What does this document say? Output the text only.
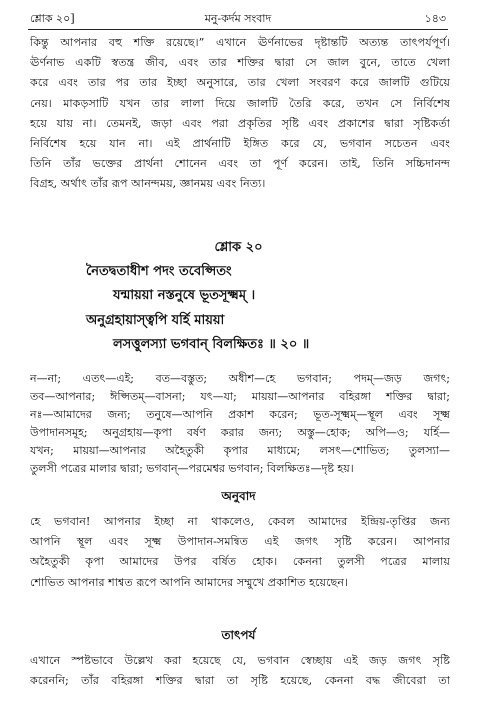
শ্লোক ২০]	মনু-কর্দম সংবাদ	১৪৩
কিন্তু আপনার বহু শক্তি রয়েছে।” এখানে ঊর্ণনাভের দৃষ্টান্তটি অত্যন্ত তাৎপর্যপূর্ণ।
ঊর্ণনাভ একটি স্বতন্ত্র জীব, এবং তার শক্তির দ্বারা সে জাল বুনে, তাতে খেলা
করে এবং তার পর তার ইচ্ছা অনুসারে, তার খেলা সংবরণ করে জালটি গুটিয়ে
নেয়। মাকড়সাটি যখন তার লালা দিয়ে জালটি তৈরি করে, তখন সে নির্বিশেষ
হয়ে যায় না। তেমনই, জড়া এবং পরা প্রকৃতির সৃষ্টি এবং প্রকাশের দ্বারা সৃষ্টিকর্তা
নির্বিশেষ হয়ে যান না। এই প্রার্থনাটি ইঙ্গিত করে যে, ভগবান সচেতন এবং
তিনি তাঁর ভক্তের প্রার্থনা শোনেন এবং তা পূর্ণ করেন। তাই, তিনি সচ্চিদানন্দ
বিগ্রহ, অর্থাৎ তাঁর রূপ আনন্দময়, জ্ঞানময় এবং নিত্য।
শ্লোক ২০
নৈতদ্বতাধীশ পদং তবেপ্সিতং
যন্মায়য়া নস্তনুষে ভূতসূক্ষ্মম্ ।
অনুগ্রহায়াস্ত্বপি যর্হি মায়য়া
লসত্তুলস্যা ভগবান্ বিলক্ষিতঃ ॥ ২০ ॥
ন—না; এতৎ—এই; বত—বস্তুত; অধীশ—হে ভগবান; পদম্—জড় জগৎ;
তব—আপনার; ঈপ্সিতম্—বাসনা; যৎ—যা; মায়য়া—আপনার বহিরঙ্গা শক্তির দ্বারা;
নঃ—আমাদের জন্য; তনুষে—আপনি প্রকাশ করেন; ভূত-সূক্ষ্মম্—স্থূল এবং সূক্ষ্ম
উপাদানসমূহ; অনুগ্রহায়—কৃপা বর্ষণ করার জন্য; অস্তু—হোক; অপি—ও; যর্হি—
যখন; মায়য়া—আপনার অহৈতুকী কৃপার মাধ্যমে; লসৎ—শোভিত; তুলস্যা—
তুলসী পত্রের মালার দ্বারা; ভগবান্—পরমেশ্বর ভগবান; বিলক্ষিতঃ—দৃষ্ট হয়।
অনুবাদ
হে ভগবান! আপনার ইচ্ছা না থাকলেও, কেবল আমাদের ইন্দ্রিয়-তৃপ্তির জন্য
আপনি স্থূল এবং সূক্ষ্ম উপাদান-সমন্বিত এই জগৎ সৃষ্টি করেন। আপনার
অহৈতুকী কৃপা আমাদের উপর বর্ষিত হোক। কেননা তুলসী পত্রের মালায়
শোভিত আপনার শাশ্বত রূপে আপনি আমাদের সম্মুখে প্রকাশিত হয়েছেন।
তাৎপর্য
এখানে স্পষ্টভাবে উল্লেখ করা হয়েছে যে, ভগবান স্বেচ্ছায় এই জড় জগৎ সৃষ্টি
করেননি; তাঁর বহিরঙ্গা শক্তির দ্বারা তা সৃষ্টি হয়েছে, কেননা বদ্ধ জীবেরা তা
